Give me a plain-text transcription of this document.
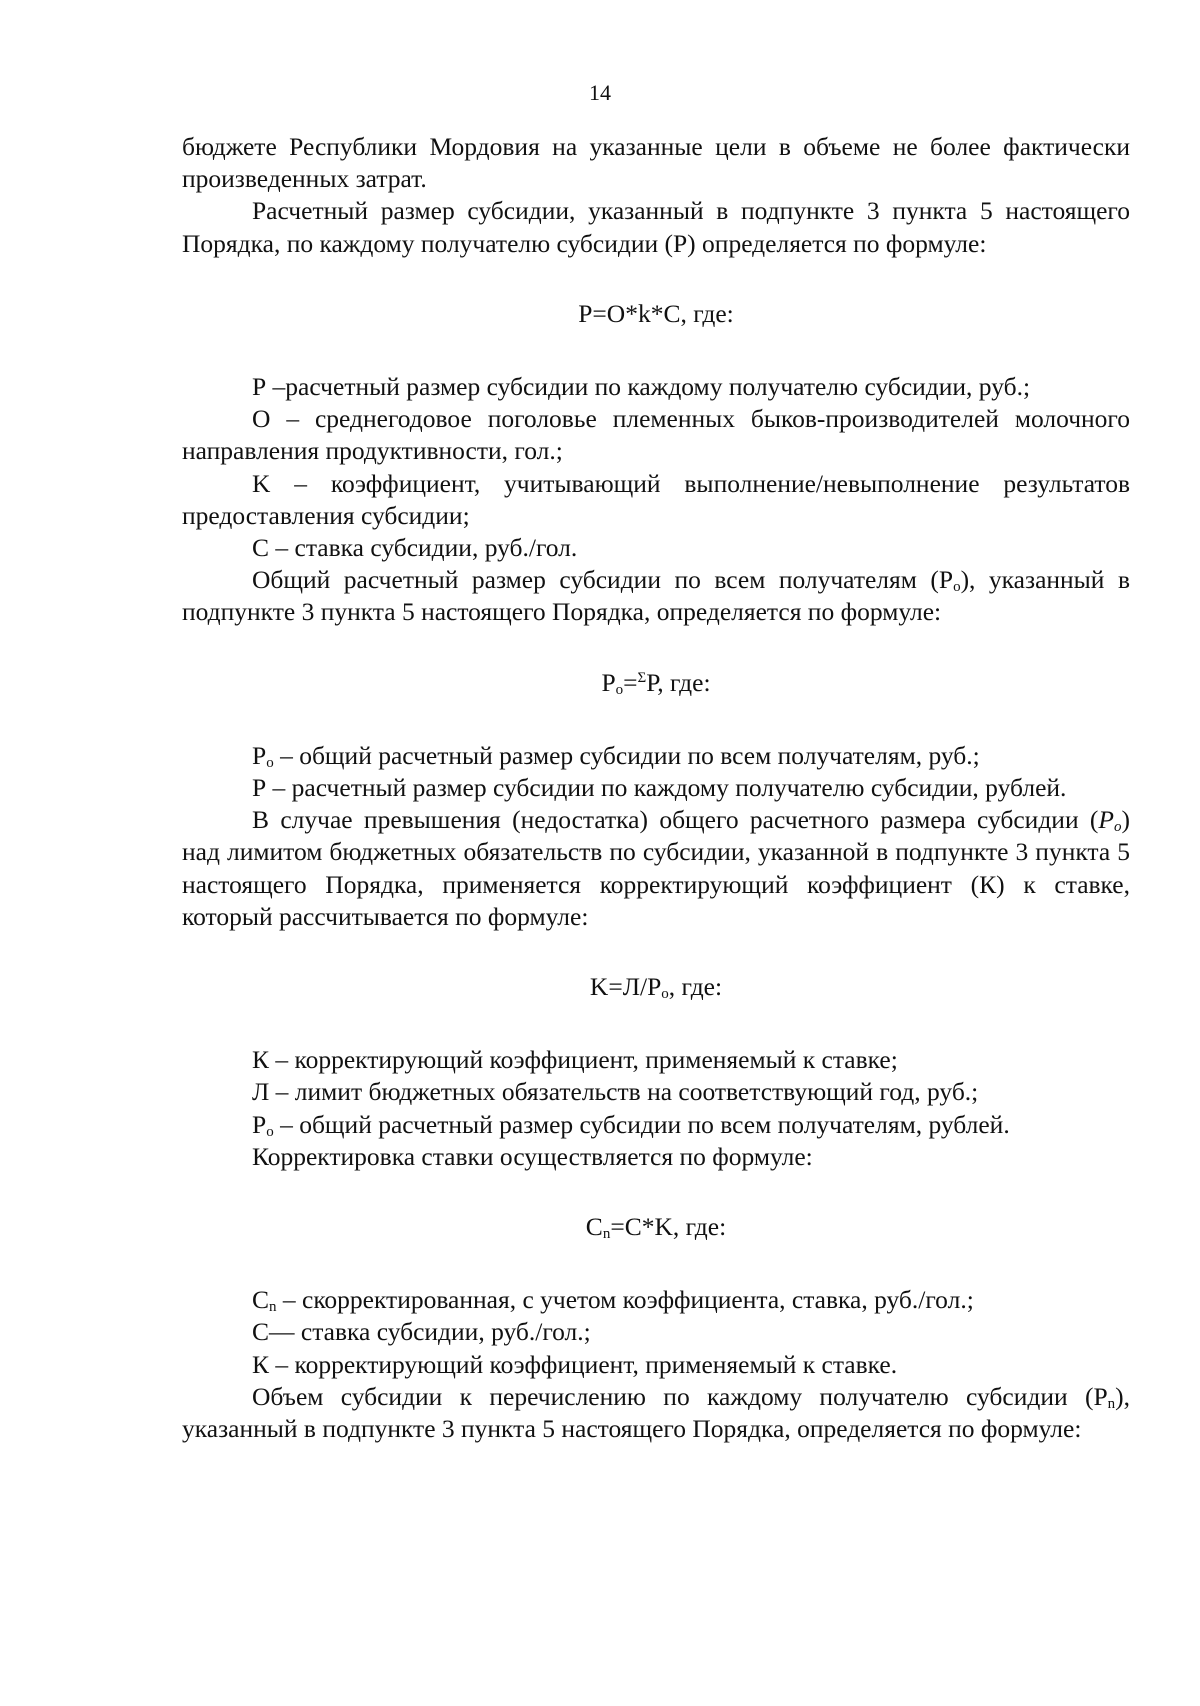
14

бюджете Республики Мордовия на указанные цели в объеме не более фактически произведенных затрат.

Расчетный размер субсидии, указанный в подпункте 3 пункта 5 настоящего Порядка, по каждому получателю субсидии (Р) определяется по формуле:

Р=О*k*С, где:

Р –расчетный размер субсидии по каждому получателю субсидии, руб.;

О – среднегодовое поголовье племенных быков-производителей молочного направления продуктивности, гол.;

K – коэффициент, учитывающий выполнение/невыполнение результатов предоставления субсидии;

С – ставка субсидии, руб./гол.

Общий расчетный размер субсидии по всем получателям $(Р_о)$, указанный в подпункте 3 пункта 5 настоящего Порядка, определяется по формуле:

$Р_о=^\Sigma Р$, где:

$Р_о$ – общий расчетный размер субсидии по всем получателям, руб.;

Р – расчетный размер субсидии по каждому получателю субсидии, рублей.

В случае превышения (недостатка) общего расчетного размера субсидии $(Р_о)$ над лимитом бюджетных обязательств по субсидии, указанной в подпункте 3 пункта 5 настоящего Порядка, применяется корректирующий коэффициент (К) к ставке, который рассчитывается по формуле:

$K=Л/Р_о$, где:

К – корректирующий коэффициент, применяемый к ставке;

Л – лимит бюджетных обязательств на соответствующий год, руб.;

$Р_о$ – общий расчетный размер субсидии по всем получателям, рублей.

Корректировка ставки осуществляется по формуле:

$С_n=С*K$, где:

$С_n$ – скорректированная, с учетом коэффициента, ставка, руб./гол.;

С— ставка субсидии, руб./гол.;

К – корректирующий коэффициент, применяемый к ставке.

Объем субсидии к перечислению по каждому получателю субсидии $(Р_n)$, указанный в подпункте 3 пункта 5 настоящего Порядка, определяется по формуле:
